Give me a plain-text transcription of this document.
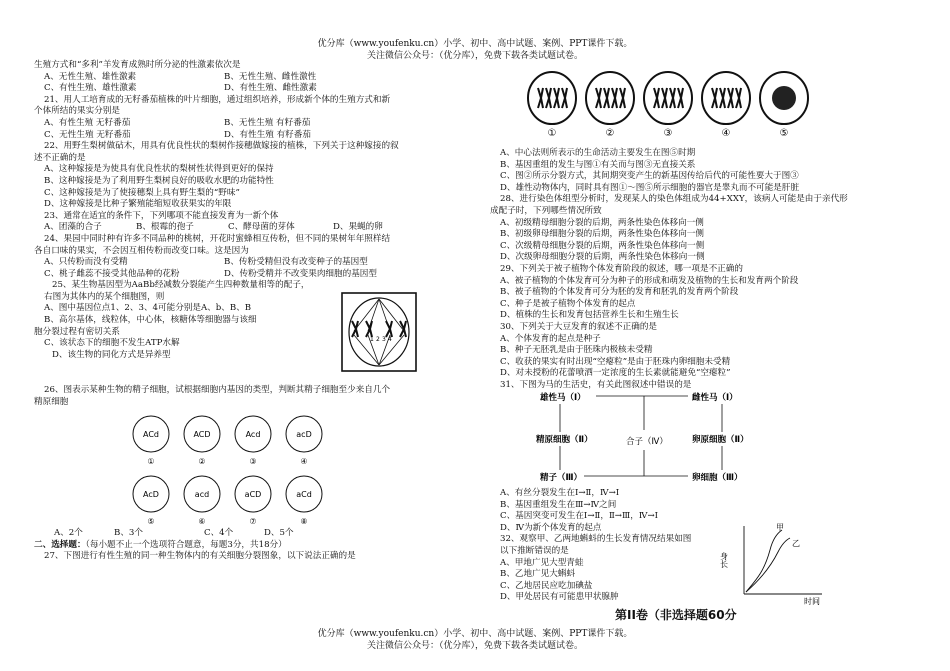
优分库（www.youfenku.cn）小学、初中、高中试题、案例、PPT课件下载。
关注微信公众号：（优分库），免费下载各类试题试卷。

生殖方式和“多利”羊发育成熟时所分泌的性激素依次是

A、无性生殖、雄性激素	B、无性生殖、雌性激性
C、有性生殖、雄性激素	D、有性生殖、雌性激素

21、用人工培育成的无籽番茄植株的叶片细胞，通过组织培养，形成新个体的生殖方式和新

个体所结的果实分别是

A、有性生殖 无籽番茄	B、无性生殖 有籽番茄
C、无性生殖 无籽番茄	D、有性生殖 有籽番茄

22、用野生梨树做砧木，用具有优良性状的梨树作接穗做嫁接的植株，下列关于这种嫁接的叙

述不正确的是

A、这种嫁接是为使具有优良性状的梨树性状得到更好的保持

B、这种嫁接是为了利用野生梨树良好的吸收水肥的功能特性

C、这种嫁接是为了使接穗梨上具有野生梨的“野味”

D、这种嫁接是比种子繁殖能缩短收获果实的年限

23、通常在适宜的条件下，下列哪项不能直接发育为一新个体

A、团藻的合子	B、根霉的孢子	C、酵母菌的芽体	D、果蝇的卵

24、果园中同时种有许多不同品种的桃树，开花时蜜蜂相互传粉，但不同的果树年年照样结

各自口味的果实，不会因互相传粉而改变口味。这是因为

A、只传粉而没有受精	B、传粉受精但没有改变种子的基因型
C、桃子雌蕊不接受其他品种的花粉	D、传粉受精并不改变果肉细胞的基因型

25、某生物基因型为AaBb经减数分裂能产生四种数量相等的配子，

右图为其体内的某个细胞图，则

A、图中基因位点1、2、3、4可能分别是A、b、B、B

B、高尔基体，线粒体，中心体，核糖体等细胞器与该细

胞分裂过程有密切关系

C、该状态下的细胞不发生ATP水解

D、该生物的同化方式是异养型

26、图表示某种生物的精子细胞，试根据细胞内基因的类型，判断其精子细胞至少来自几个

精原细胞

1 2 3 4
ACd
①
ACD
②
Acd
③
acD
④
AcD
⑤
acd
⑥
aCD
⑦
aCd
⑧
A、2个	B、3个	C、4个	D、5个

二、选择题：（每小题不止一个选项符合题意，每题3分，共18分）

27、下图进行有性生殖的同一种生物体内的有关细胞分裂图象，以下说法正确的是

①	②	③	④	⑤

A、中心法则所表示的生命活动主要发生在图⑤时期

B、基因重组的发生与图①有关而与图③无直接关系

C、图②所示分裂方式，其间期突变产生的新基因传给后代的可能性要大于图③

D、雄性动物体内，同时具有图①～图⑤所示细胞的器官是睾丸而不可能是肝脏

28、进行染色体组型分析时，发现某人的染色体组成为44+XXY，该病人可能是由于亲代形

成配子时，下列哪些情况所致

A、初级精母细胞分裂的后期，两条性染色体移向一侧

B、初级卵母细胞分裂的后期，两条性染色体移向一侧

C、次级精母细胞分裂的后期，两条性染色体移向一侧

D、次级卵母细胞分裂的后期，两条性染色体移向一侧

29、下列关于被子植物个体发育阶段的叙述，哪一项是不正确的

A、被子植物的个体发育可分为种子的形成和萌发及植物的生长和发育两个阶段

B、被子植物的个体发育可分为胚的发育和胚乳的发育两个阶段

C、种子是被子植物个体发育的起点

D、植株的生长和发育包括营养生长和生殖生长

30、下列关于大豆发育的叙述不正确的是

A、个体发育的起点是种子

B、种子无胚乳是由于胚珠内极核未受精

C、收获的果实有时出现“空瘪粒”是由于胚珠内卵细胞未受精

D、对未授粉的花蕾喷洒一定浓度的生长素就能避免“空瘪粒”

31、下图为马的生活史，有关此图叙述中错误的是

雄性马（Ⅰ）	雌性马（Ⅰ）
精原细胞（Ⅱ）	卵原细胞（Ⅱ）
合子（Ⅳ）
精子（Ⅲ）	卵细胞（Ⅲ）

A、有丝分裂发生在Ⅰ→Ⅱ，Ⅳ→Ⅰ

B、基因重组发生在Ⅲ→Ⅳ之间

C、基因突变可发生在Ⅰ→Ⅱ，Ⅱ→Ⅲ，Ⅳ→Ⅰ

D、Ⅳ为新个体发育的起点

32、观察甲、乙两地蝌蚪的生长发育情况结果如图

以下推断错误的是

A、甲地广见大型青蛙

B、乙地广见大蝌蚪

C、乙地居民应吃加碘盐

D、甲处居民有可能患甲状腺肿

身长
时间
甲
乙
第II卷（非选择题60分
优分库（www.youfenku.cn）小学、初中、高中试题、案例、PPT课件下载。
关注微信公众号：（优分库），免费下载各类试题试卷。
